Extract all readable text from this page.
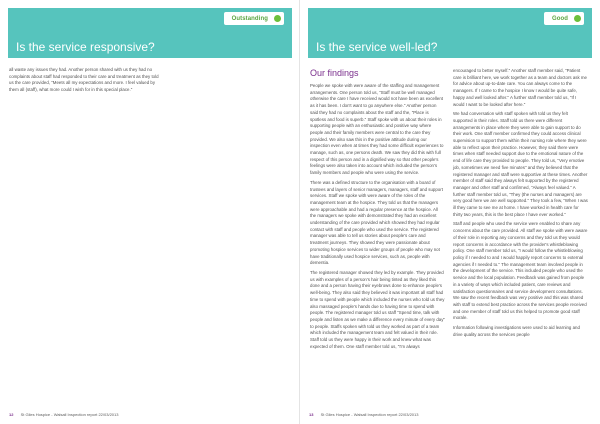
Outstanding
Is the service responsive?

all waste any issues they had. Another person shared with us they had no complaints about staff had responded to their care and treatment as they told us the care provided, "Meets all my expectations and more. I feel valued by them all (staff), what more could I wish for in this special place."

12 St Giles Hospice - Walsall Inspection report 22/03/2013
Good
Is the service well-led?
Our findings

People we spoke with were aware of the staffing and management arrangements. One person told us, "Staff must be well managed otherwise the care I have received would not have been as excellent as it has been. I don't want to go anywhere else." Another person said they had no complaints about the staff and the, "Place is spotless and food is superb." Staff spoke with us about their roles in supporting people with an enthusiastic and positive way where people and their family members were central to the care they provided. We also saw this in the positive attitude during our inspection even when at times they had some difficult experiences to manage, such as, one persons death. We saw they did this with full respect of this person and in a dignified way so that other people's feelings were also taken into account which included the person's family members and people who were using the service.

There was a defined structure to the organisation with a board of trustees and layers of senior managers, managers, staff and support services. Staff we spoke with were aware of the roles of the management team at the hospice. They told us that the managers were approachable and had a regular presence at the hospice. All the managers we spoke with demonstrated they had an excellent understanding of the care provided which showed they had regular contact with staff and people who used the service. The registered manager was able to tell us stories about people's care and treatment journeys. They showed they were passionate about promoting hospice services to wider groups of people who may not have traditionally used hospice services, such as, people with dementia.

The registered manager showed they led by example. They provided us with examples of a person's hair being tinted as they liked this done and a person having their eyebrows done to enhance people's well-being. They also said they believed it was important all staff had time to spend with people which included the nurses who told us they also massaged people's hands due to having time to spend with people. The registered manager told us staff "Spend time, talk with people and listen as we make a difference every minute of every day" to people. Staffs spoken with told us they worked as part of a team which included the management team and felt valued in their role. Staff told us they were happy in their work and knew what was expected of them. One staff member told us, "I'm always

encouraged to better myself." Another staff member said, "Patient care is brilliant here, we work together as a team and doctors ask me for advice about up-to-date care. You can always come to the managers. If I came to the hospice I know I would be quite safe, happy and well looked after." A further staff member told us, "If I would I want to be looked after here."

We had conversation with staff spoken with told us they felt supported in their roles. Staff told us there were different arrangements in place where they were able to gain support to do their work. One staff member confirmed they could access clinical supervision to support them within their nursing role where they were able to reflect upon their practice. However, they said there were times when staff needed support due to the emotional nature of the end of life care they provided to people. They told us, "Very emotive job, sometimes we need five minutes" and they believed that the registered manager and staff were supportive at these times. Another member of staff said they always felt supported by the registered manager and other staff and confirmed, "Always feel valued." A further staff member told us, "They (the nurses and managers) are very good here we are well supported." They took a few, "When I was ill they came to see me at home. I have worked in health care for thirty two years, this is the best place I have ever worked."

Staff and people who used the service were enabled to share any concerns about the care provided. All staff we spoke with were aware of their role in reporting any concerns and they told us they would report concerns in accordance with the provider's whistleblowing policy. One staff member told us, "I would follow the whistleblowing policy if I needed to and I would happily report concerns to external agencies if I needed to." The management team involved people in the development of the service. This included people who used the service and the local population. Feedback was gained from people in a variety of ways which included patient, care reviews and satisfaction questionnaires and service development consultations. We saw the recent feedback was very positive and this was shared with staff to extend best practice across the services people received and one member of staff told us this helped to promote good staff morale.

Information following investigations were used to aid learning and drive quality across the services people

13 St Giles Hospice - Walsall Inspection report 22/03/2013
